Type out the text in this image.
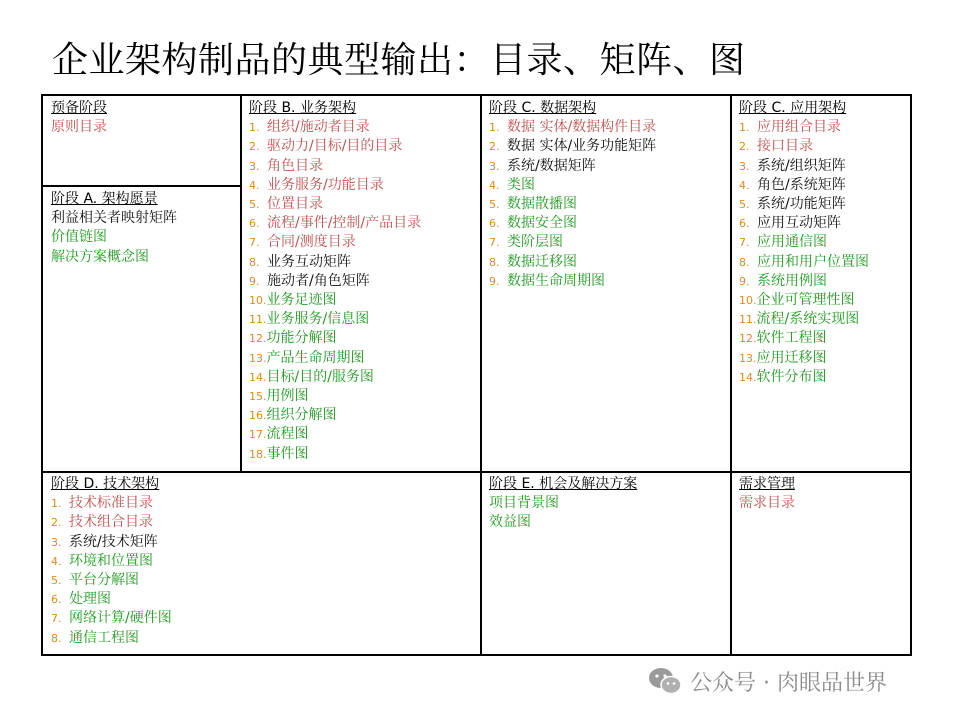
企业架构制品的典型输出：目录、矩阵、图
预备阶段
原则目录
阶段 A. 架构愿景
利益相关者映射矩阵
价值链图
解决方案概念图
阶段 B. 业务架构
1. 组织/施动者目录
2. 驱动力/目标/目的目录
3. 角色目录
4. 业务服务/功能目录
5. 位置目录
6. 流程/事件/控制/产品目录
7. 合同/测度目录
8. 业务互动矩阵
9. 施动者/角色矩阵
10. 业务足迹图
11. 业务服务/信息图
12. 功能分解图
13. 产品生命周期图
14. 目标/目的/服务图
15. 用例图
16. 组织分解图
17. 流程图
18. 事件图
阶段 C. 数据架构
1. 数据 实体/数据构件目录
2. 数据 实体/业务功能矩阵
3. 系统/数据矩阵
4. 类图
5. 数据散播图
6. 数据安全图
7. 类阶层图
8. 数据迁移图
9. 数据生命周期图
阶段 C. 应用架构
1. 应用组合目录
2. 接口目录
3. 系统/组织矩阵
4. 角色/系统矩阵
5. 系统/功能矩阵
6. 应用互动矩阵
7. 应用通信图
8. 应用和用户位置图
9. 系统用例图
10. 企业可管理性图
11. 流程/系统实现图
12. 软件工程图
13. 应用迁移图
14. 软件分布图
阶段 D. 技术架构
1. 技术标准目录
2. 技术组合目录
3. 系统/技术矩阵
4. 环境和位置图
5. 平台分解图
6. 处理图
7. 网络计算/硬件图
8. 通信工程图
阶段 E. 机会及解决方案
项目背景图
效益图
需求管理
需求目录
公众号 · 肉眼品世界
